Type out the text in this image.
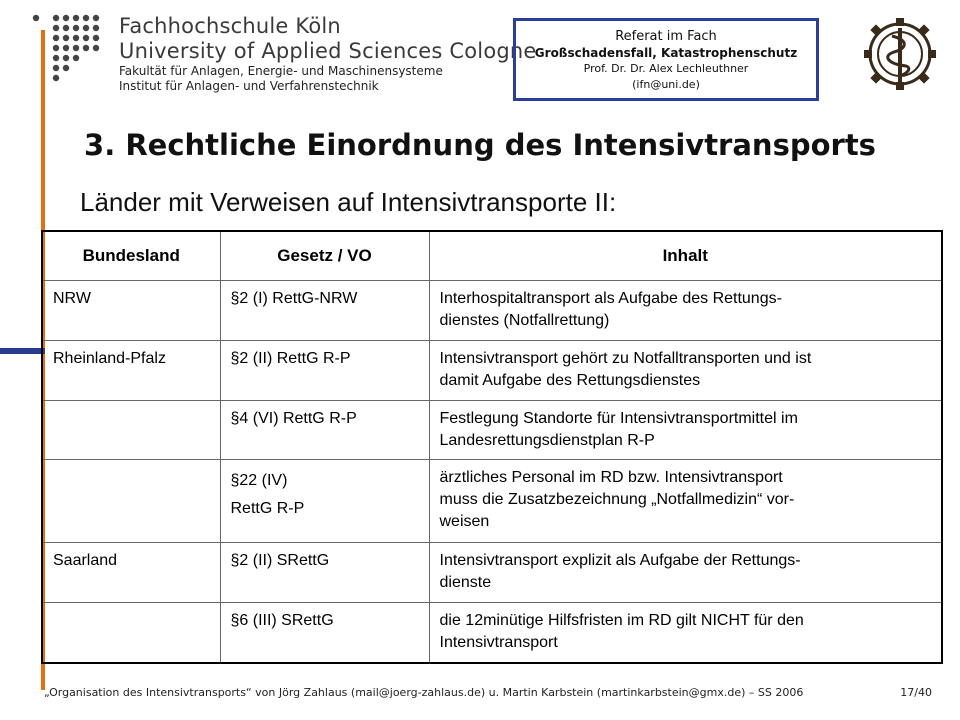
Fachhochschule Köln
University of Applied Sciences Cologne
Fakultät für Anlagen, Energie- und Maschinensysteme
Institut für Anlagen- und Verfahrenstechnik
Referat im Fach
Großschadensfall, Katastrophenschutz
Prof. Dr. Dr. Alex Lechleuthner
(ifn@uni.de)
3. Rechtliche Einordnung des Intensivtransports
Länder mit Verweisen auf Intensivtransporte II:
Bundesland	Gesetz / VO	Inhalt
NRW	§2 (I) RettG-NRW	Interhospitaltransport als Aufgabe des Rettungs-
dienstes (Notfallrettung)
Rheinland-Pfalz	§2 (II) RettG R-P	Intensivtransport gehört zu Notfalltransporten und ist
damit Aufgabe des Rettungsdienstes
	§4 (VI) RettG R-P	Festlegung Standorte für Intensivtransportmittel im
Landesrettungsdienstplan R-P
	§22 (IV)
RettG R-P	ärztliches Personal im RD bzw. Intensivtransport
muss die Zusatzbezeichnung „Notfallmedizin“ vor-
weisen
Saarland	§2 (II) SRettG	Intensivtransport explizit als Aufgabe der Rettungs-
dienste
	§6 (III) SRettG	die 12minütige Hilfsfristen im RD gilt NICHT für den
Intensivtransport
„Organisation des Intensivtransports“ von Jörg Zahlaus (mail@joerg-zahlaus.de) u. Martin Karbstein (martinkarbstein@gmx.de) – SS 2006	17/40
